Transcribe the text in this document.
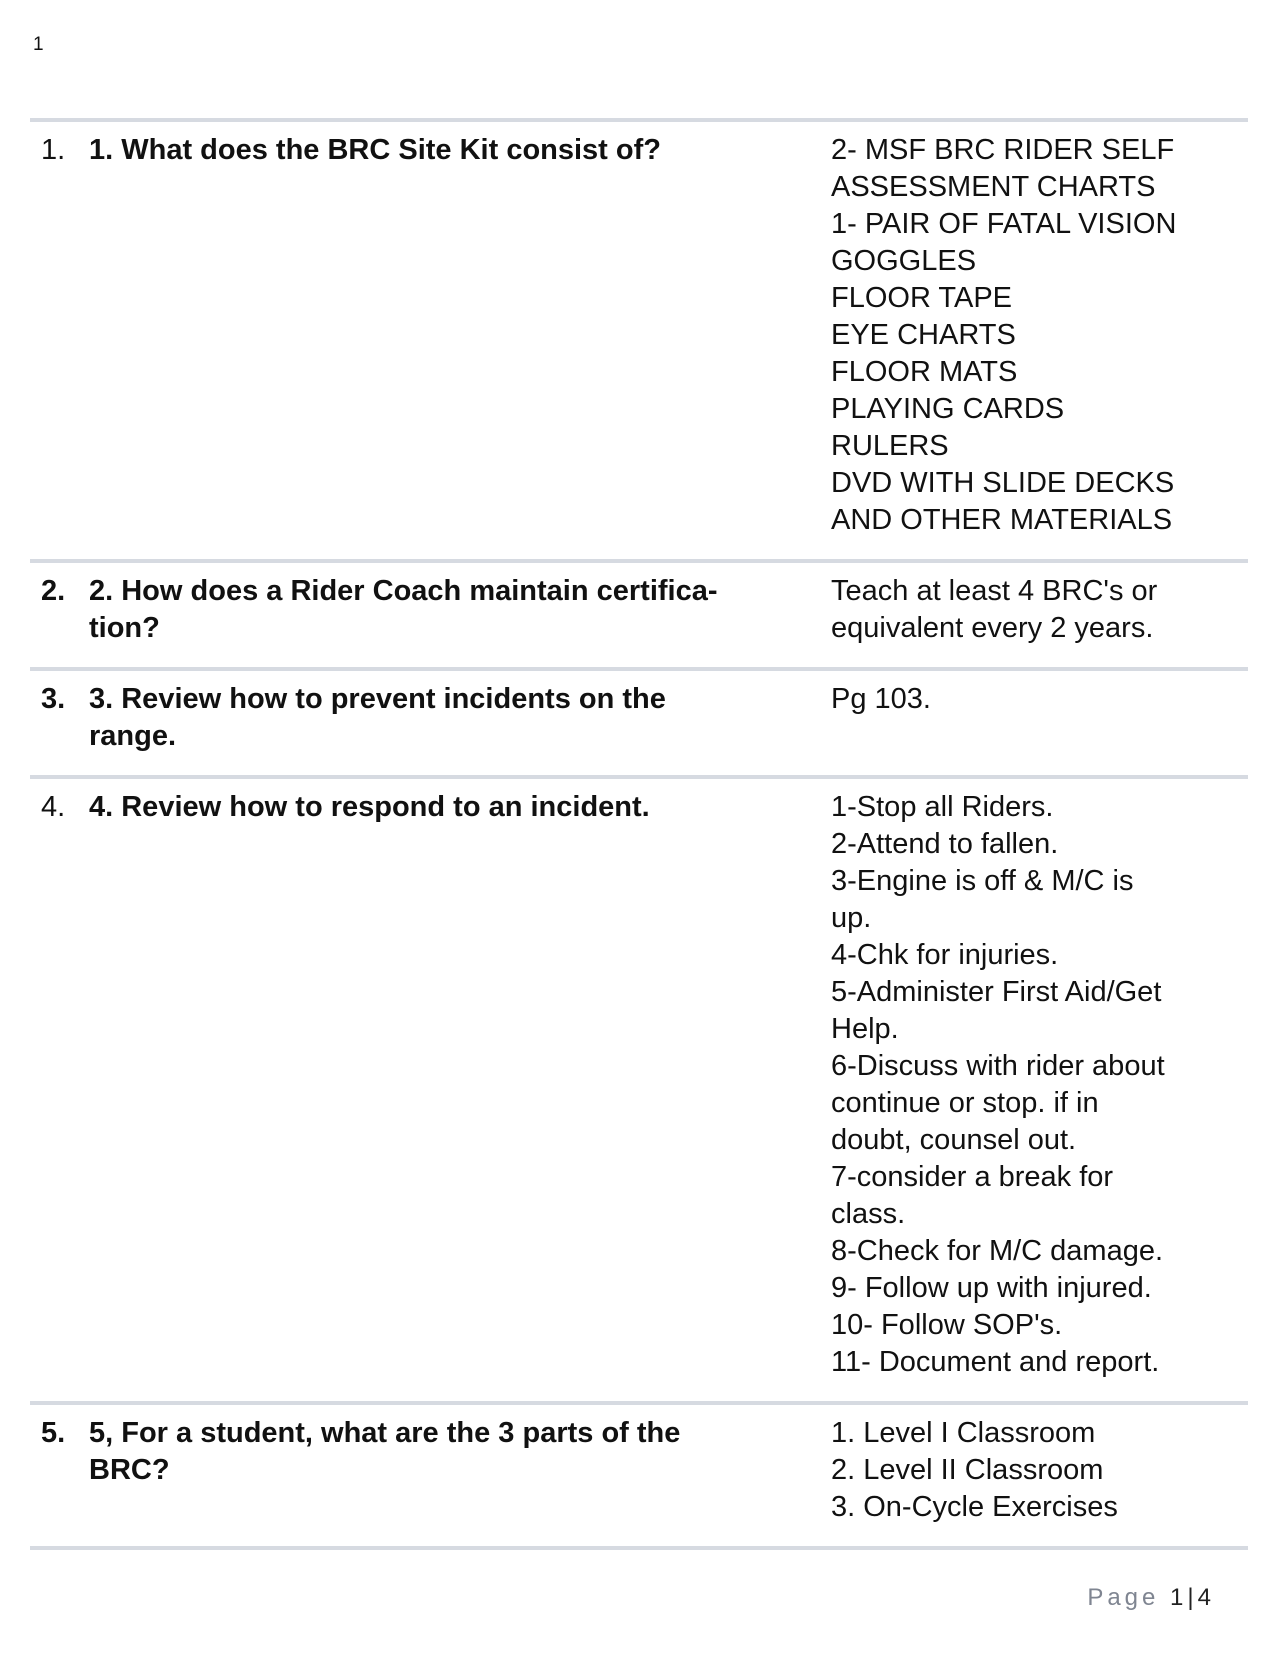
1
1. 1. What does the BRC Site Kit consist of?	2- MSF BRC RIDER SELF
ASSESSMENT CHARTS
1- PAIR OF FATAL VISION
GOGGLES
FLOOR TAPE
EYE CHARTS
FLOOR MATS
PLAYING CARDS
RULERS
DVD WITH SLIDE DECKS
AND OTHER MATERIALS
2. 2. How does a Rider Coach maintain certifica-
tion?
Teach at least 4 BRC's or
equivalent every 2 years.
3. 3. Review how to prevent incidents on the
range.
Pg 103.
4. 4. Review how to respond to an incident.	1-Stop all Riders.
2-Attend to fallen.
3-Engine is off & M/C is
up.
4-Chk for injuries.
5-Administer First Aid/Get
Help.
6-Discuss with rider about
continue or stop. if in
doubt, counsel out.
7-consider a break for
class.
8-Check for M/C damage.
9- Follow up with injured.
10- Follow SOP's.
11- Document and report.
5. 5, For a student, what are the 3 parts of the
BRC?
1. Level I Classroom
2. Level II Classroom
3. On-Cycle Exercises
Page 1|4
